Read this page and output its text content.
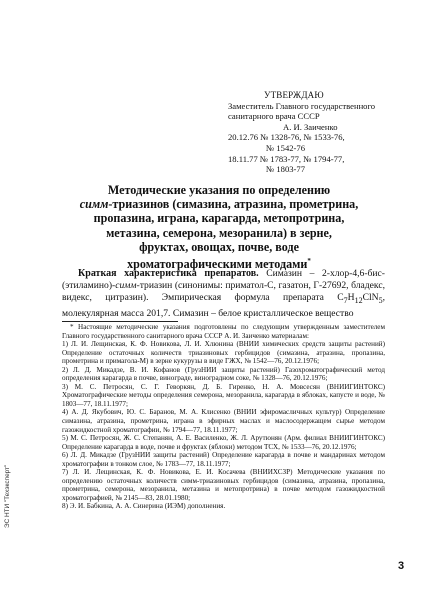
УТВЕРЖДАЮ
Заместитель Главного государственного
санитарного врача СССР
А. И. Заиченко
20.12.76 № 1328-76, № 1533-76,
№ 1542-76
18.11.77 № 1783-77, № 1794-77,
№ 1803-77
Методические указания по определению
симм-триазинов (симазина, атразина, прометрина,
пропазина, играна, карагарда, метопротрина,
метазина, семерона, мезоранила) в зерне,
фруктах, овощах, почве, воде
хроматографическими методами*

Краткая характеристика препаратов. Симазин – 2-хлор-4,6-бис-(этиламино)-симм-триазин (синонимы: приматол-С, газатон, Г-27692, бладекс, видекс, цитразин). Эмпирическая формула препарата $C_7H_{12}ClN_5$, молекулярная масса 201,7. Симазин – белое кристаллическое вещество

* Настоящие методические указания подготовлены по следующим утвержденным заместителем Главного государственного санитарного врача СССР А. И. Заиченко материалам:

1) Л. И. Лещинская, К. Ф. Новикова, Л. И. Хлюнина (ВНИИ химических средств защиты растений) Определение остаточных количеств триазиновых гербицидов (симазина, атразина, пропазина, прометрина и примагола-М) в зерне кукурузы в виде ГЖХ, № 1542—76, 20.12.1976;

2) Л. Д. Микадзе, В. И. Кофанов (ГрузНИИ защиты растений) Газохроматографический метод определения карагарда в почве, винограде, виноградном соке, № 1328—76, 20.12.1976;

3) М. С. Петросян, С. Г. Геворкян, Д. Б. Гиренко, Н. А. Мовсесян (ВНИИГИНТОКС) Хроматографические методы определения семерона, мезоранила, карагарда в яблоках, капусте и воде, № 1803—77, 18.11.1977;

4) А. Д. Якубович, Ю. С. Баранов, М. А. Клисенко (ВНИИ эфиромасличных культур) Определение симазина, атразина, прометрина, играна в эфирных маслах и маслосодержащем сырье методом газожидкостной хроматографии, № 1794—77, 18.11.1977;

5) М. С. Петросян, Ж. С. Степанян, А. Е. Василенко, Ж. Л. Арутюнян (Арм. филиал ВНИИГИНТОКС) Определение карагарда в воде, почве и фруктах (яблоки) методом ТСХ, № 1533—76, 20.12.1976;

6) Л. Д. Микадзе (ГрузНИИ защиты растений) Определение карагарда в почве и мандаринах методом хроматографии в тонком слое, № 1783—77, 18.11.1977;

7) Л. И. Лещинская, К. Ф. Новикова, Е. И. Косачева (ВНИИХСЗР) Методические указания по определению остаточных количеств симм-триазиновых гербицидов (симазина, атразина, пропазина, прометрина, семерона, мезоранила, метазина и метопротрина) в почве методом газожидкостной хроматографией, № 2145—83, 28.01.1980;

8) Э. И. Бабкина, А. А. Синерина (ИЭМ) дополнения.

3
ЭС НТИ "Техэксперт"
